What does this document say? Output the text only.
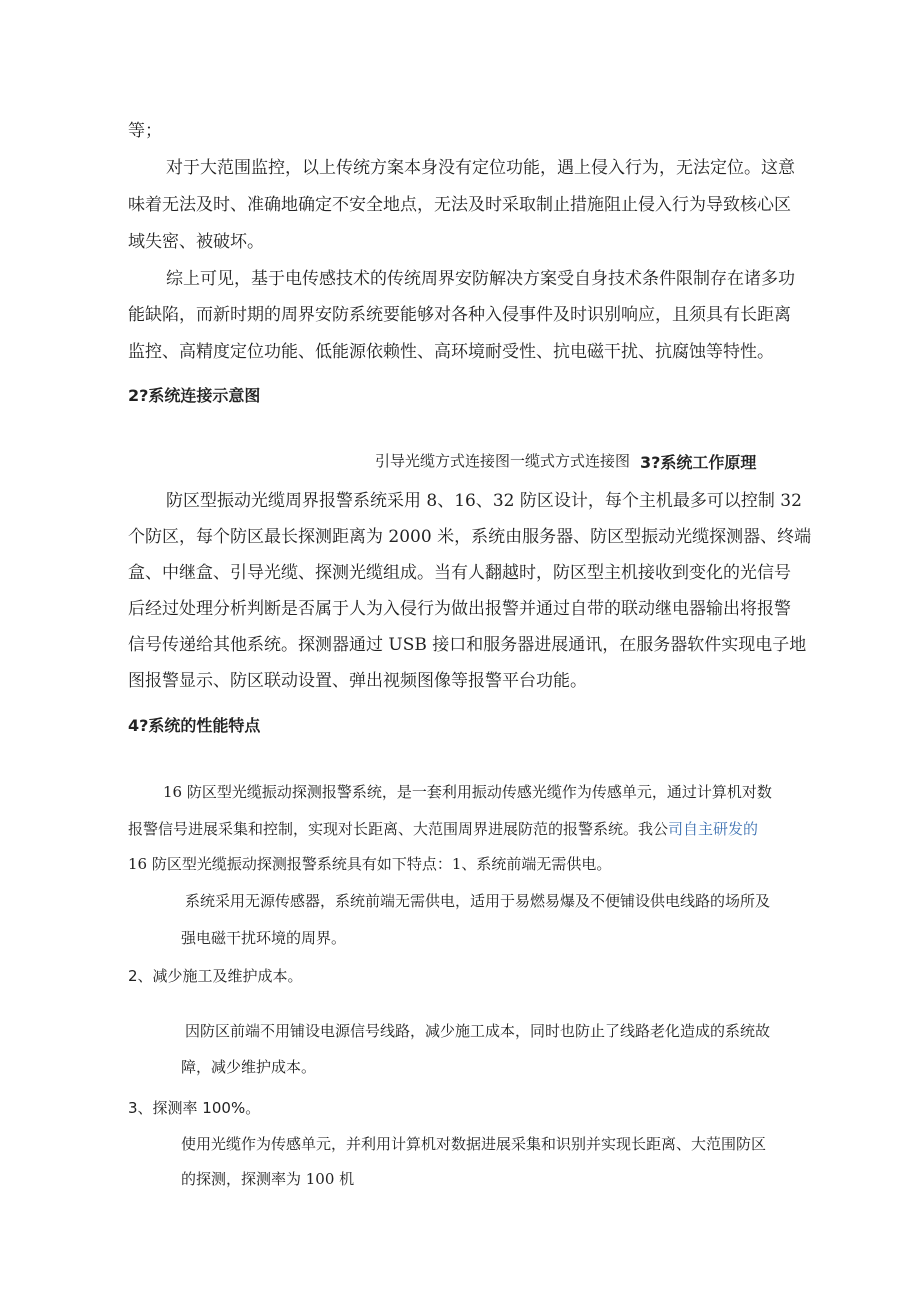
等；

对于大范围监控，以上传统方案本身没有定位功能，遇上侵入行为，无法定位。这意

味着无法及时、准确地确定不安全地点，无法及时采取制止措施阻止侵入行为导致核心区

域失密、被破坏。

综上可见，基于电传感技术的传统周界安防解决方案受自身技术条件限制存在诸多功

能缺陷，而新时期的周界安防系统要能够对各种入侵事件及时识别响应，且须具有长距离

监控、高精度定位功能、低能源依赖性、高环境耐受性、抗电磁干扰、抗腐蚀等特性。

2?系统连接示意图

引导光缆方式连接图一缆式方式连接图 3?系统工作原理

防区型振动光缆周界报警系统采用 8、16、32 防区设计，每个主机最多可以控制 32

个防区，每个防区最长探测距离为 2000 米，系统由服务器、防区型振动光缆探测器、终端

盒、中继盒、引导光缆、探测光缆组成。当有人翻越时，防区型主机接收到变化的光信号

后经过处理分析判断是否属于人为入侵行为做出报警并通过自带的联动继电器输出将报警

信号传递给其他系统。探测器通过 USB 接口和服务器进展通讯，在服务器软件实现电子地

图报警显示、防区联动设置、弹出视频图像等报警平台功能。

4?系统的性能特点

16 防区型光缆振动探测报警系统，是一套利用振动传感光缆作为传感单元，通过计算机对数

报警信号进展采集和控制，实现对长距离、大范围周界进展防范的报警系统。我公司自主研发的

16 防区型光缆振动探测报警系统具有如下特点：1、系统前端无需供电。

系统采用无源传感器，系统前端无需供电，适用于易燃易爆及不便铺设供电线路的场所及

强电磁干扰环境的周界。

2、减少施工及维护成本。

因防区前端不用铺设电源信号线路，减少施工成本，同时也防止了线路老化造成的系统故

障，减少维护成本。

3、探测率 100%。

使用光缆作为传感单元，并利用计算机对数据进展采集和识别并实现长距离、大范围防区

的探测，探测率为 100 机
